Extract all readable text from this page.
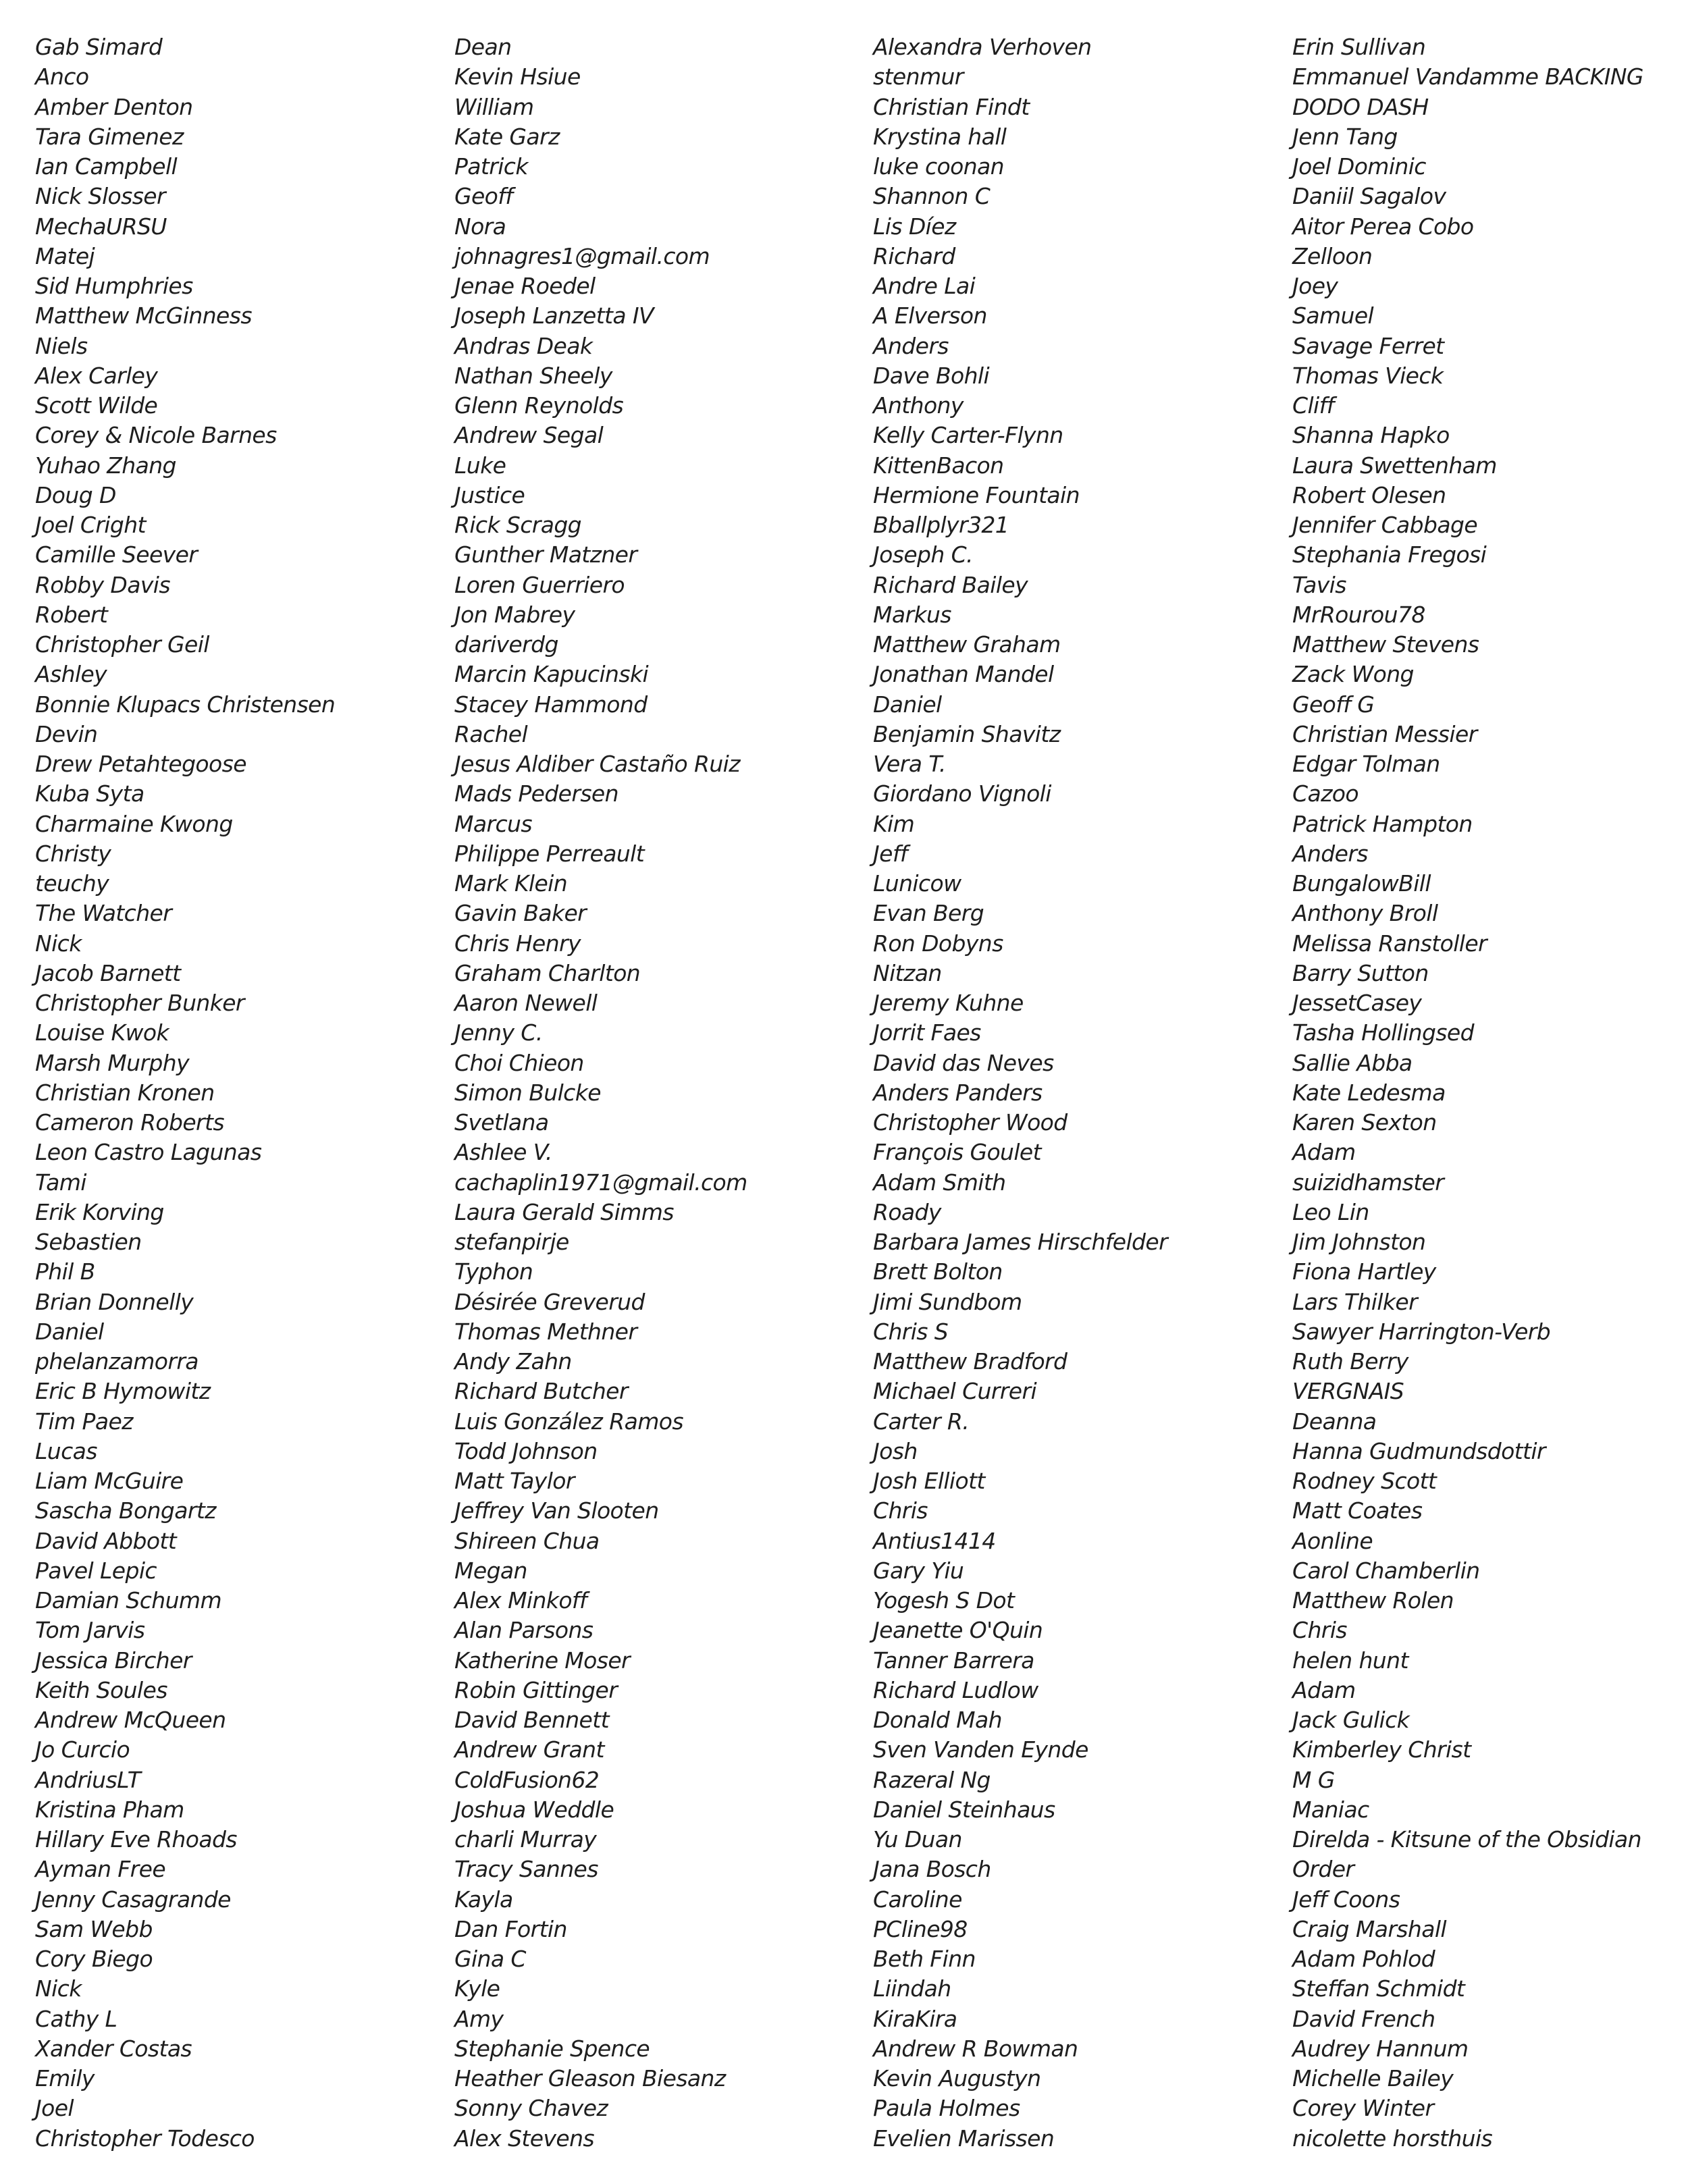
Gab Simard
Anco
Amber Denton
Tara Gimenez
Ian Campbell
Nick Slosser
MechaURSU
Matej
Sid Humphries
Matthew McGinness
Niels
Alex Carley
Scott Wilde
Corey & Nicole Barnes
Yuhao Zhang
Doug D
Joel Cright
Camille Seever
Robby Davis
Robert
Christopher Geil
Ashley
Bonnie Klupacs Christensen
Devin
Drew Petahtegoose
Kuba Syta
Charmaine Kwong
Christy
teuchy
The Watcher
Nick
Jacob Barnett
Christopher Bunker
Louise Kwok
Marsh Murphy
Christian Kronen
Cameron Roberts
Leon Castro Lagunas
Tami
Erik Korving
Sebastien
Phil B
Brian Donnelly
Daniel
phelanzamorra
Eric B Hymowitz
Tim Paez
Lucas
Liam McGuire
Sascha Bongartz
David Abbott
Pavel Lepic
Damian Schumm
Tom Jarvis
Jessica Bircher
Keith Soules
Andrew McQueen
Jo Curcio
AndriusLT
Kristina Pham
Hillary Eve Rhoads
Ayman Free
Jenny Casagrande
Sam Webb
Cory Biego
Nick
Cathy L
Xander Costas
Emily
Joel
Christopher Todesco
Dean
Kevin Hsiue
William
Kate Garz
Patrick
Geoff
Nora
johnagres1@gmail.com
Jenae Roedel
Joseph Lanzetta IV
Andras Deak
Nathan Sheely
Glenn Reynolds
Andrew Segal
Luke
Justice
Rick Scragg
Gunther Matzner
Loren Guerriero
Jon Mabrey
dariverdg
Marcin Kapucinski
Stacey Hammond
Rachel
Jesus Aldiber Castaño Ruiz
Mads Pedersen
Marcus
Philippe Perreault
Mark Klein
Gavin Baker
Chris Henry
Graham Charlton
Aaron Newell
Jenny C.
Choi Chieon
Simon Bulcke
Svetlana
Ashlee V.
cachaplin1971@gmail.com
Laura Gerald Simms
stefanpirje
Typhon
Désirée Greverud
Thomas Methner
Andy Zahn
Richard Butcher
Luis González Ramos
Todd Johnson
Matt Taylor
Jeffrey Van Slooten
Shireen Chua
Megan
Alex Minkoff
Alan Parsons
Katherine Moser
Robin Gittinger
David Bennett
Andrew Grant
ColdFusion62
Joshua Weddle
charli Murray
Tracy Sannes
Kayla
Dan Fortin
Gina C
Kyle
Amy
Stephanie Spence
Heather Gleason Biesanz
Sonny Chavez
Alex Stevens
Alexandra Verhoven
stenmur
Christian Findt
Krystina hall
luke coonan
Shannon C
Lis Díez
Richard
Andre Lai
A Elverson
Anders
Dave Bohli
Anthony
Kelly Carter-Flynn
KittenBacon
Hermione Fountain
Bballplyr321
Joseph C.
Richard Bailey
Markus
Matthew Graham
Jonathan Mandel
Daniel
Benjamin Shavitz
Vera T.
Giordano Vignoli
Kim
Jeff
Lunicow
Evan Berg
Ron Dobyns
Nitzan
Jeremy Kuhne
Jorrit Faes
David das Neves
Anders Panders
Christopher Wood
François Goulet
Adam Smith
Roady
Barbara James Hirschfelder
Brett Bolton
Jimi Sundbom
Chris S
Matthew Bradford
Michael Curreri
Carter R.
Josh
Josh Elliott
Chris
Antius1414
Gary Yiu
Yogesh S Dot
Jeanette O'Quin
Tanner Barrera
Richard Ludlow
Donald Mah
Sven Vanden Eynde
Razeral Ng
Daniel Steinhaus
Yu Duan
Jana Bosch
Caroline
PCline98
Beth Finn
Liindah
KiraKira
Andrew R Bowman
Kevin Augustyn
Paula Holmes
Evelien Marissen
Erin Sullivan
Emmanuel Vandamme BACKING
DODO DASH
Jenn Tang
Joel Dominic
Daniil Sagalov
Aitor Perea Cobo
Zelloon
Joey
Samuel
Savage Ferret
Thomas Vieck
Cliff
Shanna Hapko
Laura Swettenham
Robert Olesen
Jennifer Cabbage
Stephania Fregosi
Tavis
MrRourou78
Matthew Stevens
Zack Wong
Geoff G
Christian Messier
Edgar Tolman
Cazoo
Patrick Hampton
Anders
BungalowBill
Anthony Broll
Melissa Ranstoller
Barry Sutton
JessetCasey
Tasha Hollingsed
Sallie Abba
Kate Ledesma
Karen Sexton
Adam
suizidhamster
Leo Lin
Jim Johnston
Fiona Hartley
Lars Thilker
Sawyer Harrington-Verb
Ruth Berry
VERGNAIS
Deanna
Hanna Gudmundsdottir
Rodney Scott
Matt Coates
Aonline
Carol Chamberlin
Matthew Rolen
Chris
helen hunt
Adam
Jack Gulick
Kimberley Christ
M G
Maniac
Direlda - Kitsune of the Obsidian
Order
Jeff Coons
Craig Marshall
Adam Pohlod
Steffan Schmidt
David French
Audrey Hannum
Michelle Bailey
Corey Winter
nicolette horsthuis
